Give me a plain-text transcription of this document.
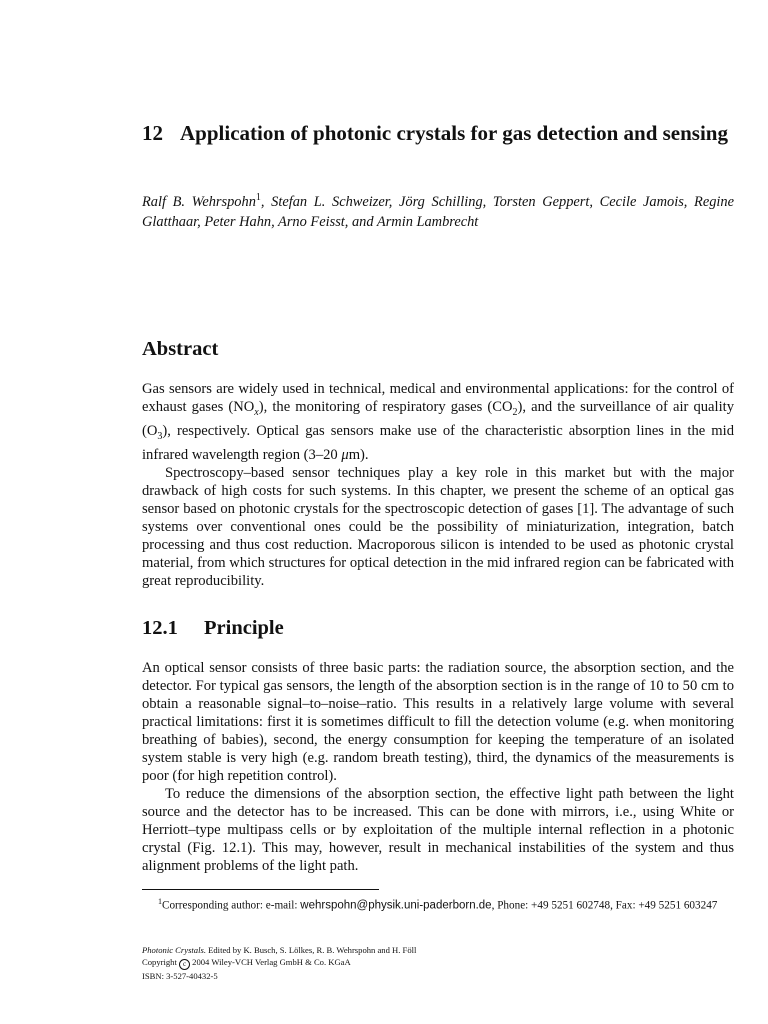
12 Application of photonic crystals for gas detection and sensing
Ralf B. Wehrspohn$^1$, Stefan L. Schweizer, Jörg Schilling, Torsten Geppert, Cecile Jamois, Regine Glatthaar, Peter Hahn, Arno Feisst, and Armin Lambrecht
Abstract

Gas sensors are widely used in technical, medical and environmental applications: for the control of exhaust gases $(NO_x)$, the monitoring of respiratory gases $(CO_2)$, and the surveillance of air quality $(O_3)$, respectively. Optical gas sensors make use of the characteristic absorption lines in the mid infrared wavelength region (3–20 μm).

Spectroscopy–based sensor techniques play a key role in this market but with the major drawback of high costs for such systems. In this chapter, we present the scheme of an optical gas sensor based on photonic crystals for the spectroscopic detection of gases [1]. The advantage of such systems over conventional ones could be the possibility of miniaturization, integration, batch processing and thus cost reduction. Macroporous silicon is intended to be used as photonic crystal material, from which structures for optical detection in the mid infrared region can be fabricated with great reproducibility.

12.1 Principle

An optical sensor consists of three basic parts: the radiation source, the absorption section, and the detector. For typical gas sensors, the length of the absorption section is in the range of 10 to 50 cm to obtain a reasonable signal–to–noise–ratio. This results in a relatively large volume with several practical limitations: first it is sometimes difficult to fill the detection volume (e.g. when monitoring breathing of babies), second, the energy consumption for keeping the temperature of an isolated system stable is very high (e.g. random breath testing), third, the dynamics of the measurements is poor (for high repetition control).

To reduce the dimensions of the absorption section, the effective light path between the light source and the detector has to be increased. This can be done with mirrors, i.e., using White or Herriott–type multipass cells or by exploitation of the multiple internal reflection in a photonic crystal (Fig. 12.1). This may, however, result in mechanical instabilities of the system and thus alignment problems of the light path.

$^1$Corresponding author: e-mail: wehrspohn@physik.uni-paderborn.de, Phone: +49 5251 602748, Fax: +49 5251 603247
Photonic Crystals. Edited by K. Busch, S. Lölkes, R. B. Wehrspohn and H. Föll
Copyright c 2004 Wiley-VCH Verlag GmbH & Co. KGaA
ISBN: 3-527-40432-5
